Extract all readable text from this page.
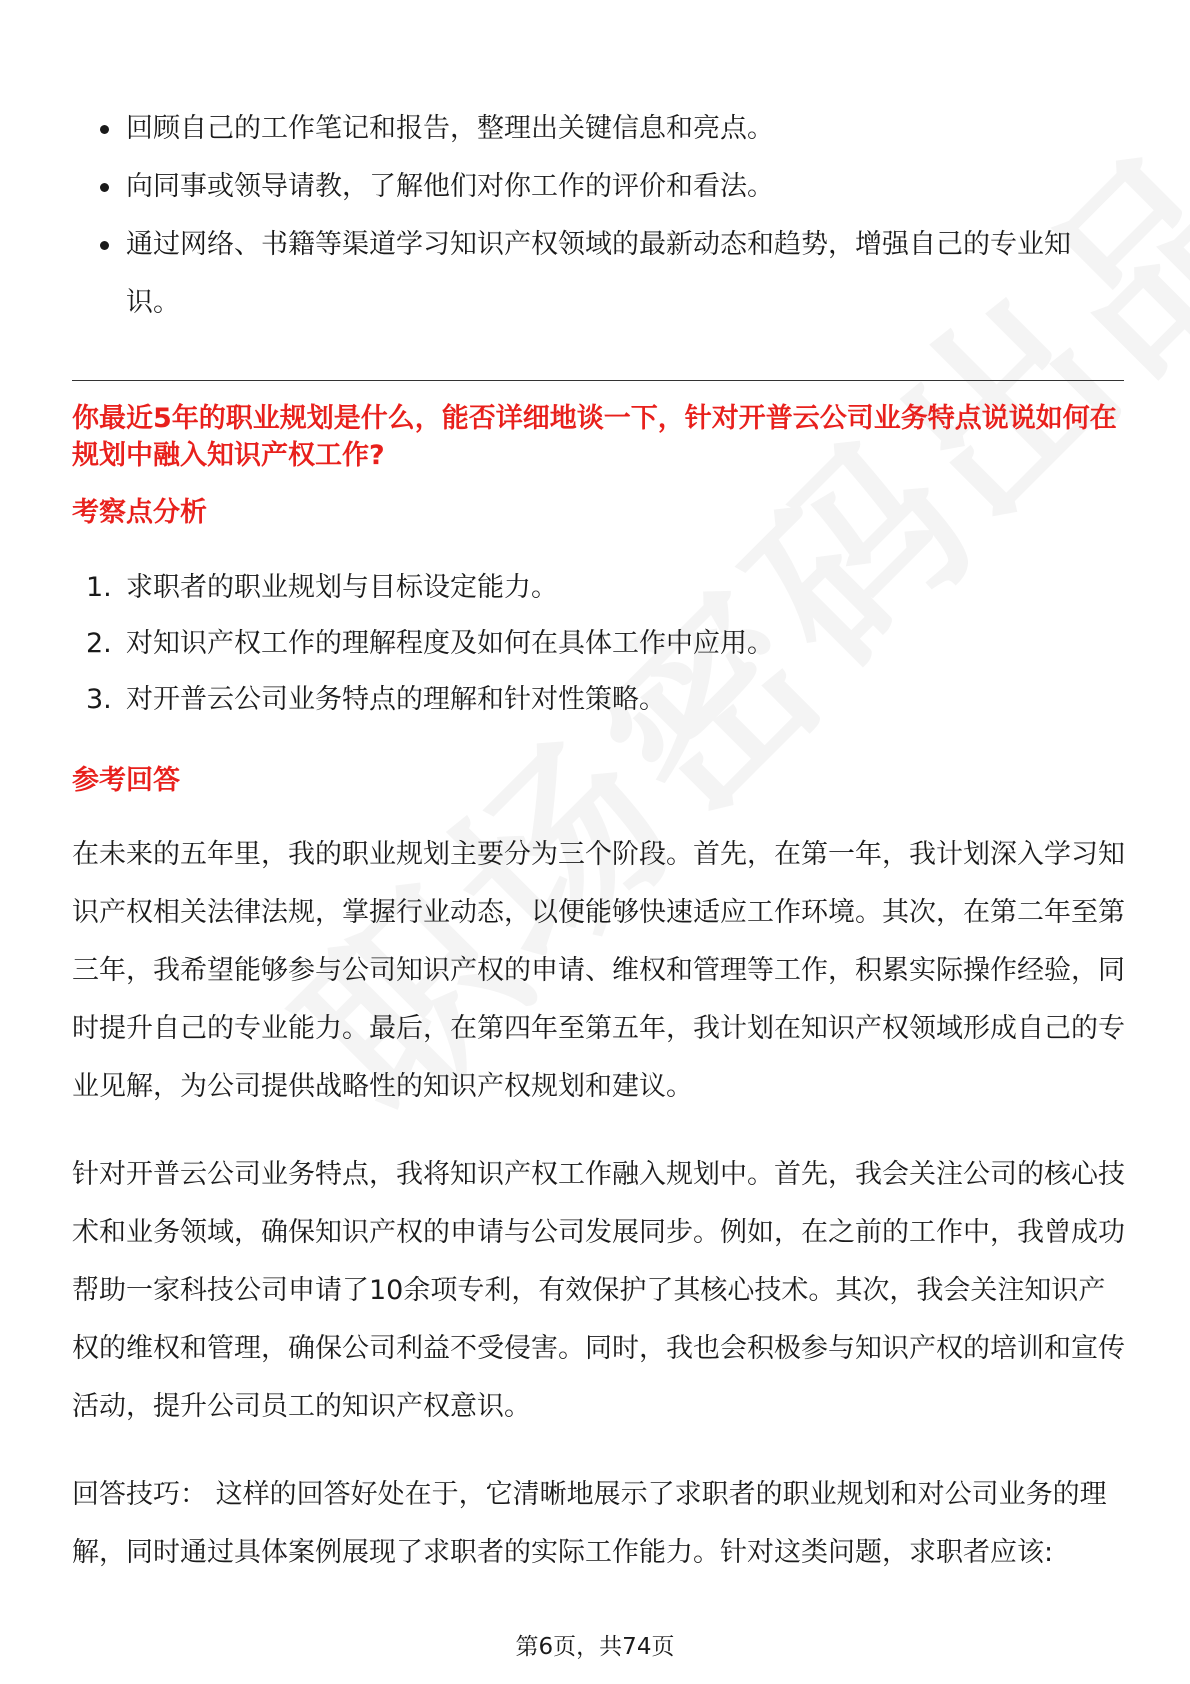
回顾自己的工作笔记和报告，整理出关键信息和亮点。
向同事或领导请教，了解他们对你工作的评价和看法。
通过网络、书籍等渠道学习知识产权领域的最新动态和趋势，增强自己的专业知识。
你最近5年的职业规划是什么，能否详细地谈一下，针对开普云公司业务特点说说如何在规划中融入知识产权工作?
考察点分析
1. 求职者的职业规划与目标设定能力。
2. 对知识产权工作的理解程度及如何在具体工作中应用。
3. 对开普云公司业务特点的理解和针对性策略。
参考回答

在未来的五年里，我的职业规划主要分为三个阶段。首先，在第一年，我计划深入学习知识产权相关法律法规，掌握行业动态，以便能够快速适应工作环境。其次，在第二年至第三年，我希望能够参与公司知识产权的申请、维权和管理等工作，积累实际操作经验，同时提升自己的专业能力。最后，在第四年至第五年，我计划在知识产权领域形成自己的专业见解，为公司提供战略性的知识产权规划和建议。

针对开普云公司业务特点，我将知识产权工作融入规划中。首先，我会关注公司的核心技术和业务领域，确保知识产权的申请与公司发展同步。例如，在之前的工作中，我曾成功帮助一家科技公司申请了10余项专利，有效保护了其核心技术。其次，我会关注知识产权的维权和管理，确保公司利益不受侵害。同时，我也会积极参与知识产权的培训和宣传活动，提升公司员工的知识产权意识。

回答技巧： 这样的回答好处在于，它清晰地展示了求职者的职业规划和对公司业务的理解，同时通过具体案例展现了求职者的实际工作能力。针对这类问题，求职者应该:

第6页，共74页
